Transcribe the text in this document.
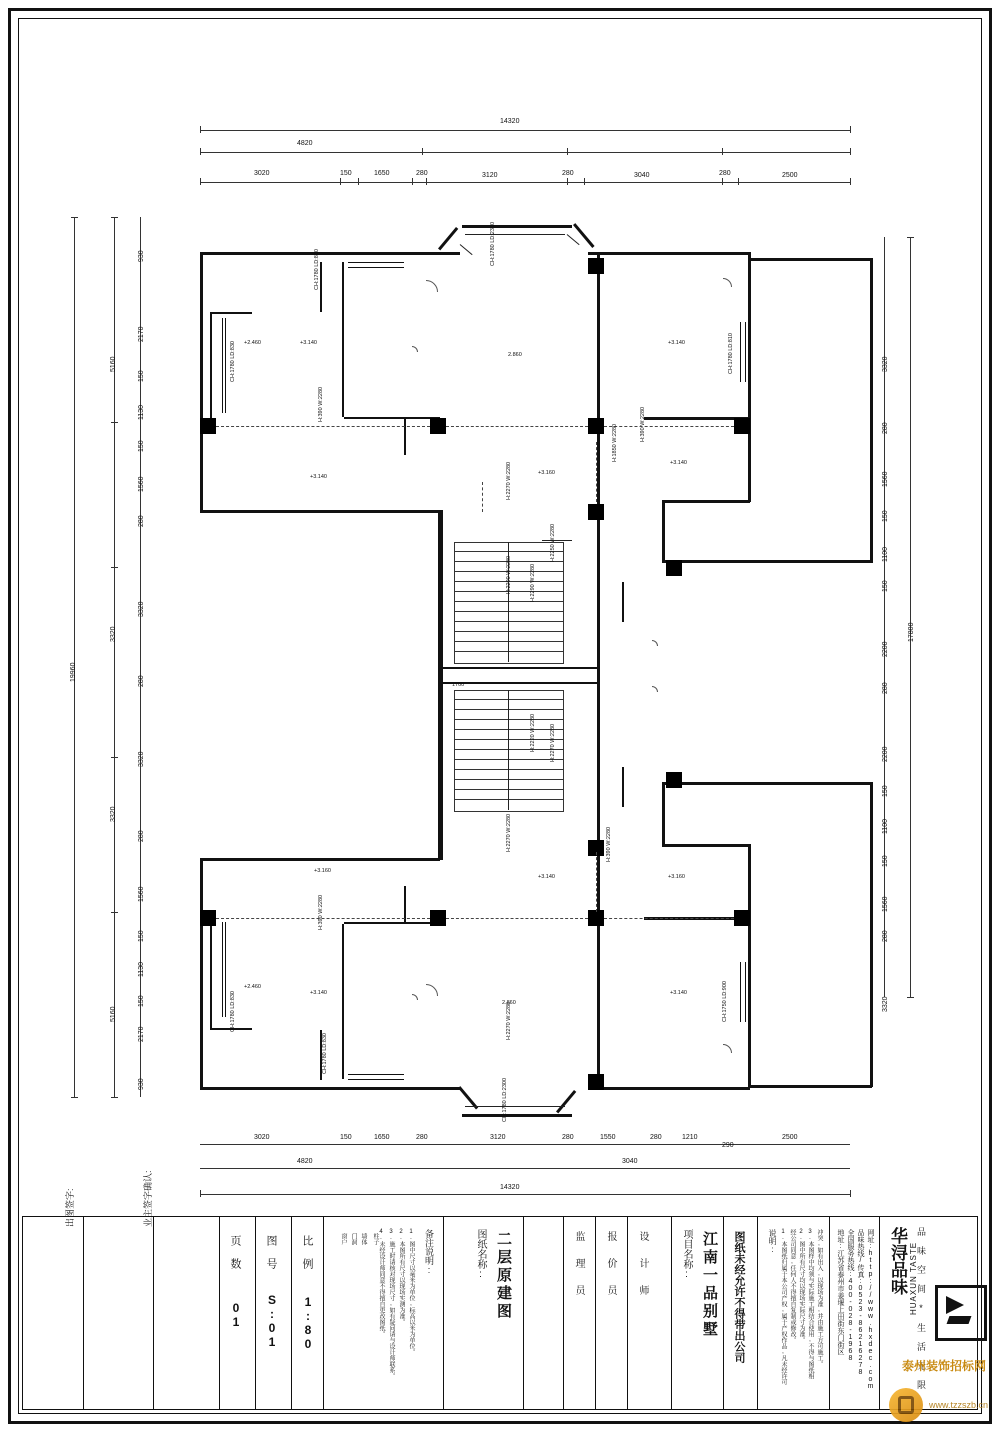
14320
4820
3120	3040	2500
3020	150	1650	280	280	280
19960
5160
3320
3320
5160
930
2170
150
1130
150
1560
280
3320
280
3320
280
1560
150
1130
150
2170
930
17800
3320
280
1560
150
1100
150
2200
280
2200
150
1100
150
1560
280
3320
3020	150	1650	280	3120	280	1550	280	1210
290
2500
4820	3040
14320
1700
+2.460	+3.140
2.860
+3.140
+3.140
+3.140
+3.160
+3.160
+3.140	+3.160
+2.460
+3.140
2.860
+3.140
CH:1780 LD:830
CH:1780 LD:830	CH:1780 LD:810
CH:1780 LD:2300
CH:1780 LD:2300
CH:1780 LD:830
CH:1750 LD:900
CH:1780 LD:830
H:390 W:2280
H:2270 W:2280
H:1850 W:2280	H:390 W:2280
H:2250 W:2280
H:2290 W:2280
H:2290 W:2280
H:2220 W:2280	H:2270 W:2280
H:2270 W:2280	H:390 W:2280
H:390 W:2280
H:2270 W:2280
出图签字:	业主签字确认:
页 数
01
图 号
S:01
比 例
1:80
备注说明:
1.图中尺寸以毫米为单位,标高以米为单位。
2.本图所有尺寸以现场实测为准。
3.施工时请核对现场尺寸,如有疑问请与设计师联系。
4.未经设计师同意不得擅自更改图纸。
墙体
门洞
窗户	柱子	图纸名称: 二层原建图	监 理 员 报 价 员 设 计 师	项目名称: 江南一品别墅 图纸未经允许不得带出公司	说明: 1.本图纸归属于本公司产权,属于产权作品,凡未经许可 经公司同意,任何人不得擅自复制或修改。 2.图中所有尺寸均以现场实际尺寸为准。 3.本图样中均须与实际施工相结合使用,不得与图纸相 冲突,如有出入,以现场为准,并由施工方可施工。 地址:江苏省泰州市姜堰上田街东门街区 全国服务热线:400-028-1968 品味热线/传真:0523-86216278 网址:http://www.hxdec.com 华浔品味 HUAXUN TASTE
品 味 空 间 * 生 活 无 限
泰州装饰招标网
www.tzzszb.cn
